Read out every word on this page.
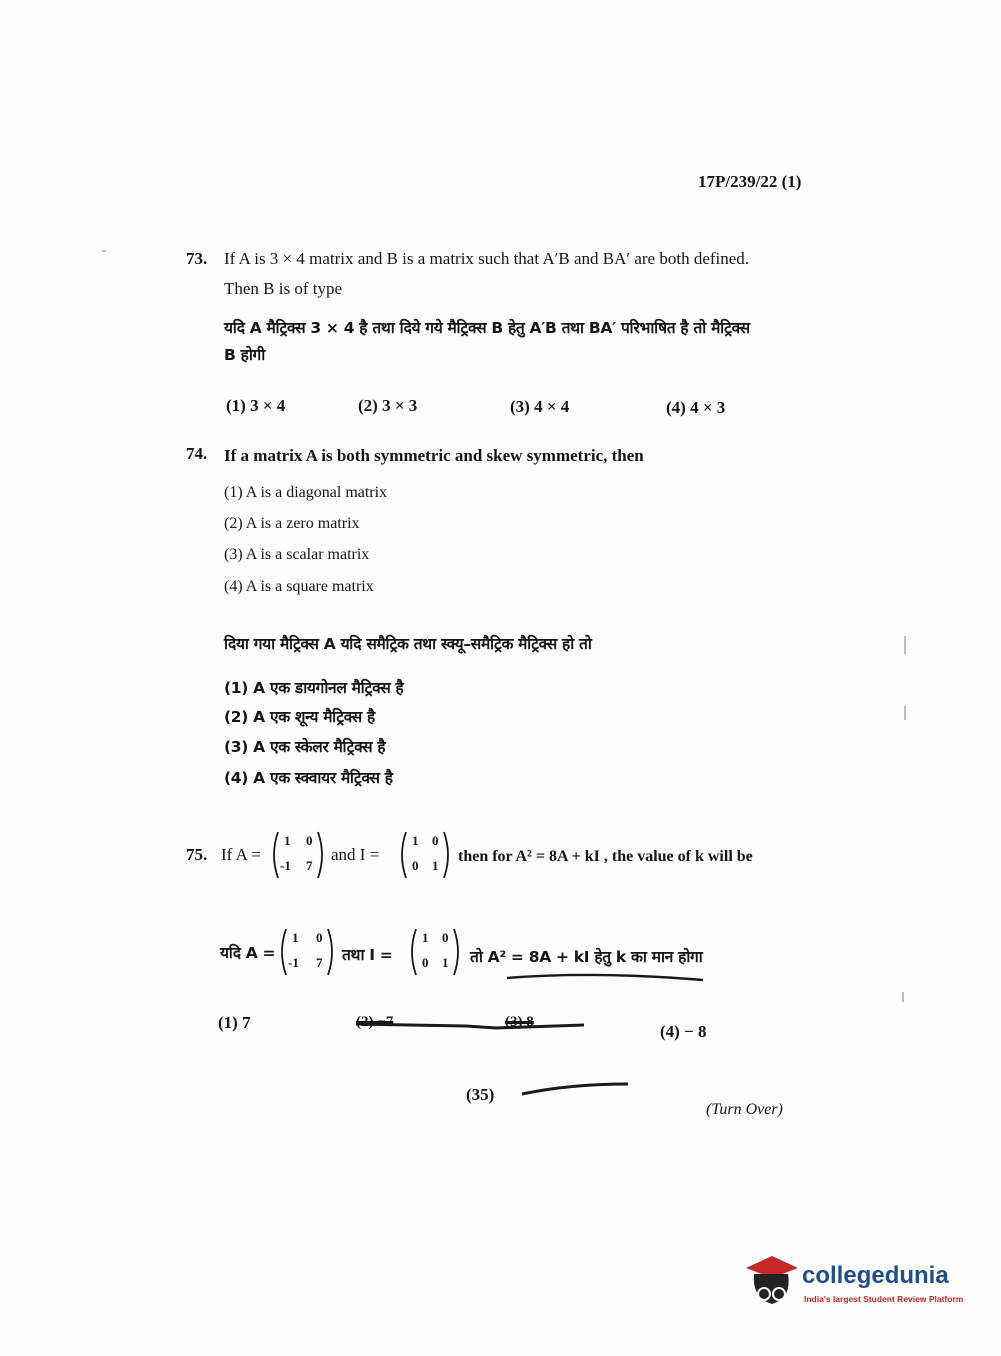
17P/239/22 (1)
73. If A is 3 × 4 matrix and B is a matrix such that A′B and BA′ are both defined.
Then B is of type
यदि A मैट्रिक्स 3 × 4 है तथा दिये गये मैट्रिक्स B हेतु A′B तथा BA′ परिभाषित है तो मैट्रिक्स
B होगी
(1) 3 × 4	(2) 3 × 3	(3) 4 × 4	(4) 4 × 3
74. If a matrix A is both symmetric and skew symmetric, then
(1) A is a diagonal matrix
(2) A is a zero matrix
(3) A is a scalar matrix
(4) A is a square matrix
दिया गया मैट्रिक्स A यदि समैट्रिक तथा स्क्यू–समैट्रिक मैट्रिक्स हो तो
(1) A एक डायगोनल मैट्रिक्स है
(2) A एक शून्य मैट्रिक्स है
(3) A एक स्केलर मैट्रिक्स है
(4) A एक स्क्वायर मैट्रिक्स है
75. If A =
1 0
-1 7
and I =
1 0
0 1
then for A² = 8A + kI , the value of k will be
यदि A =
1 0
-1 7 तथा I =
1 0
0 1 तो A² = 8A + kI हेतु k का मान होगा
(1) 7	(2) −7	(3) 8	(4) − 8
(35)
(Turn Over)
collegedunia
India's largest Student Review Platform
